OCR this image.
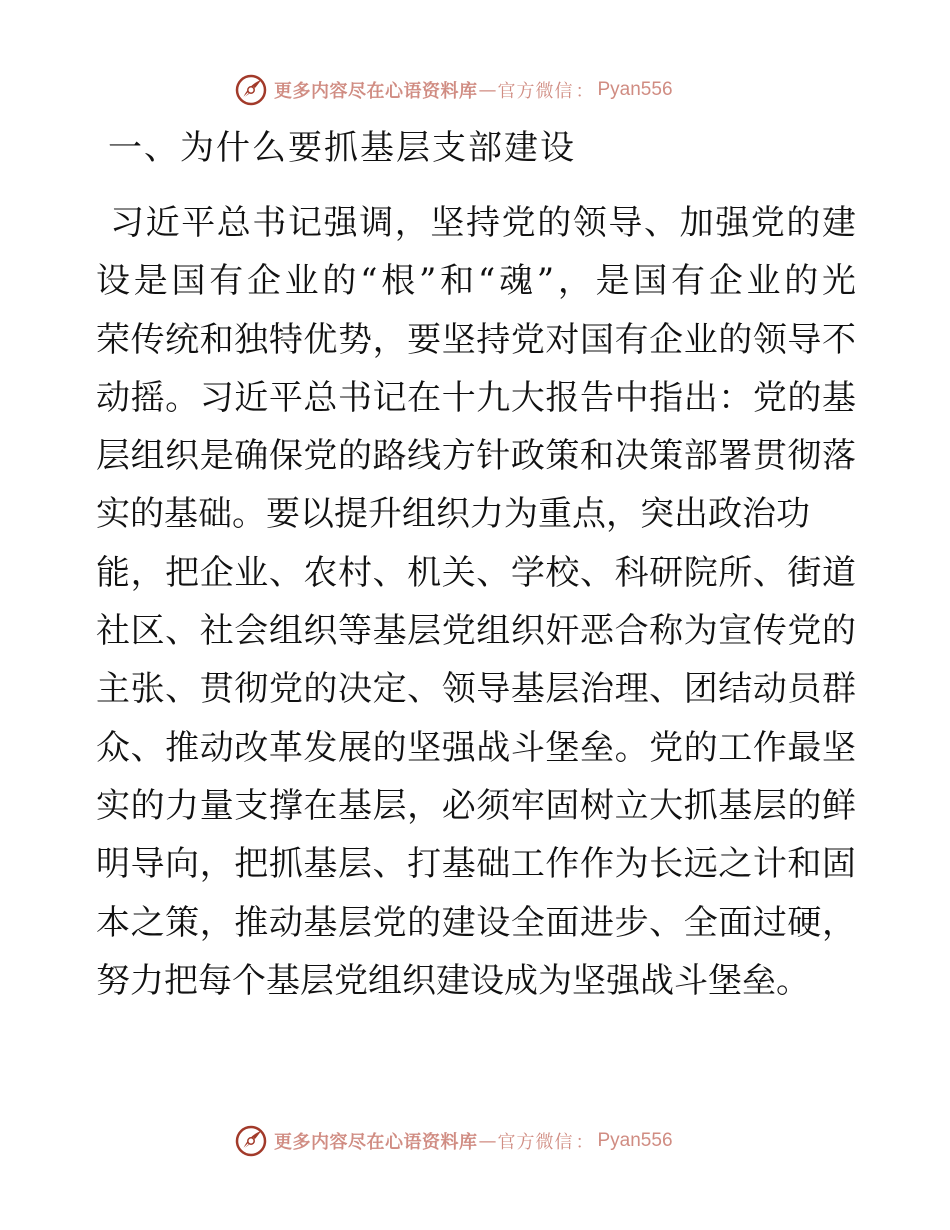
更多内容尽在心语资料库 — 官方微信 ： Pyan556
一、为什么要抓基层支部建设
习近平总书记强调，坚持党的领导、加强党的建
设是国有企业的“根”和“魂”，是国有企业的光
荣传统和独特优势，要坚持党对国有企业的领导不
动摇。习近平总书记在十九大报告中指出：党的基
层组织是确保党的路线方针政策和决策部署贯彻落
实的基础。要以提升组织力为重点，突出政治功
能，把企业、农村、机关、学校、科研院所、街道
社区、社会组织等基层党组织奸恶合称为宣传党的
主张、贯彻党的决定、领导基层治理、团结动员群
众、推动改革发展的坚强战斗堡垒。党的工作最坚
实的力量支撑在基层，必须牢固树立大抓基层的鲜
明导向，把抓基层、打基础工作作为长远之计和固
本之策，推动基层党的建设全面进步、全面过硬，
努力把每个基层党组织建设成为坚强战斗堡垒。
更多内容尽在心语资料库 — 官方微信 ： Pyan556
